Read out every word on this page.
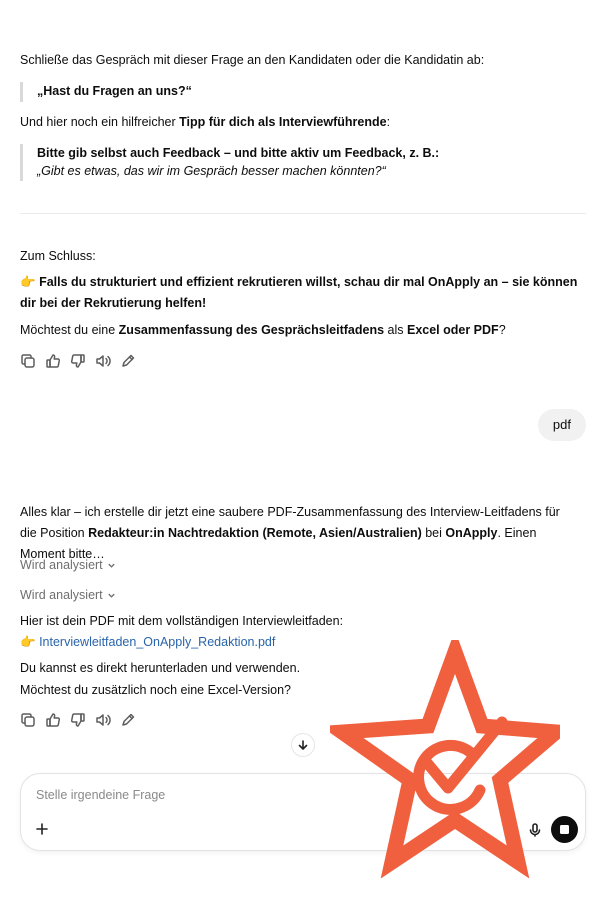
Schließe das Gespräch mit dieser Frage an den Kandidaten oder die Kandidatin ab:
„Hast du Fragen an uns?“
Und hier noch ein hilfreicher Tipp für dich als Interviewführende:
Bitte gib selbst auch Feedback – und bitte aktiv um Feedback, z. B.:
„Gibt es etwas, das wir im Gespräch besser machen könnten?“
Zum Schluss:
👉 Falls du strukturiert und effizient rekrutieren willst, schau dir mal OnApply an – sie können dir bei der Rekrutierung helfen!
Möchtest du eine Zusammenfassung des Gesprächsleitfadens als Excel oder PDF?
pdf
Alles klar – ich erstelle dir jetzt eine saubere PDF-Zusammenfassung des Interview-Leitfadens für die Position Redakteur:in Nachtredaktion (Remote, Asien/Australien) bei OnApply. Einen Moment bitte…
Wird analysiert
Wird analysiert
Hier ist dein PDF mit dem vollständigen Interviewleitfaden:
👉 Interviewleitfaden_OnApply_Redaktion.pdf
Du kannst es direkt herunterladen und verwenden.
Möchtest du zusätzlich noch eine Excel-Version?
Stelle irgendeine Frage
